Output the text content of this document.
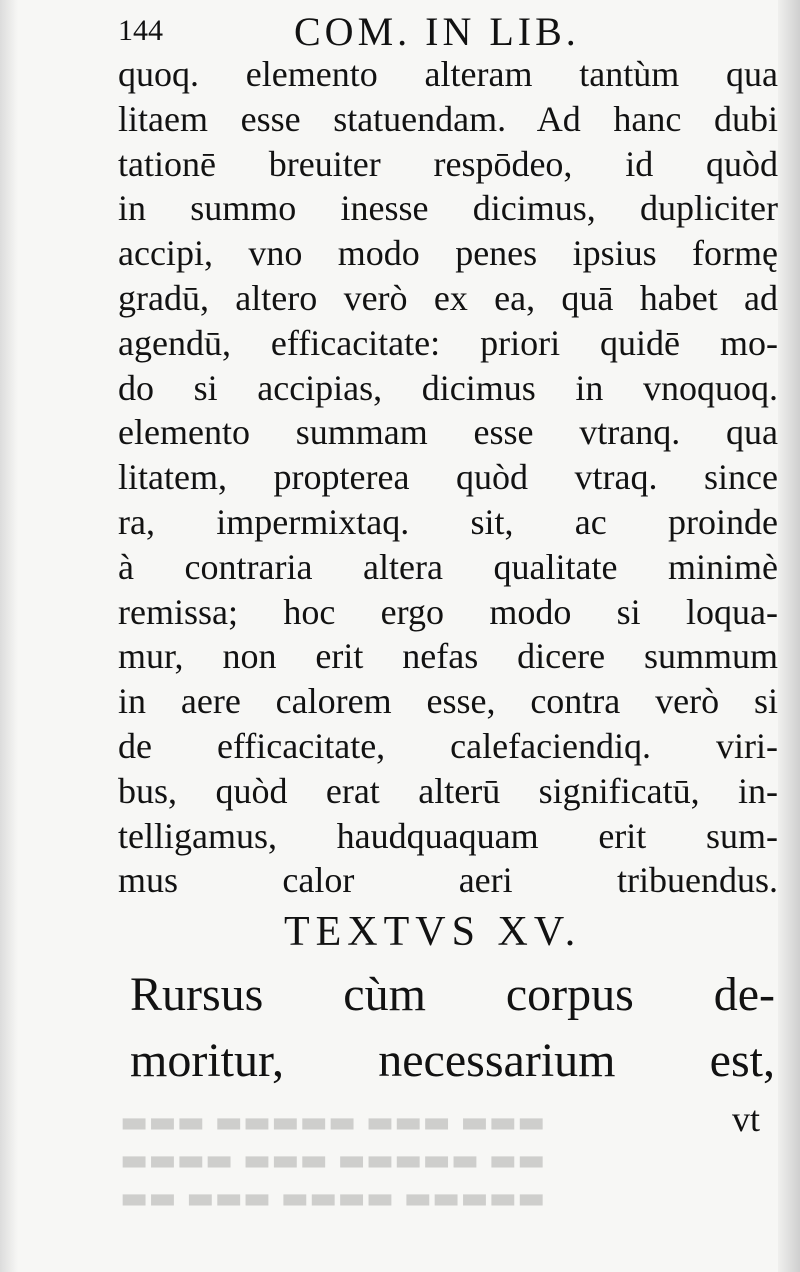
▬▬ ▬▬▬ ▬▬▬▬ ▬▬▬▬▬
▬▬▬▬ ▬▬▬ ▬▬▬▬▬ ▬▬
▬▬▬ ▬▬▬▬▬ ▬▬▬ ▬▬▬
144	COM. IN LIB.
quoq. elemento alteram tantùm qua
litaem esse statuendam. Ad hanc dubi
tationē breuiter respōdeo, id quòd
in summo inesse dicimus, dupliciter
accipi, vno modo penes ipsius formę
gradū, altero verò ex ea, quā habet ad
agendū, efficacitate: priori quidē mo-
do si accipias, dicimus in vnoquoq.
elemento summam esse vtranq. qua
litatem, propterea quòd vtraq. since
ra, impermixtaq. sit, ac proinde
à contraria altera qualitate minimè
remissa; hoc ergo modo si loqua-
mur, non erit nefas dicere summum
in aere calorem esse, contra verò si
de efficacitate, calefaciendiq. viri-
bus, quòd erat alterū significatū, in-
telligamus, haudquaquam erit sum-
mus calor aeri tribuendus.
TEXTVS XV.
Rursus cùm corpus de-
moritur, necessarium est,
vt
